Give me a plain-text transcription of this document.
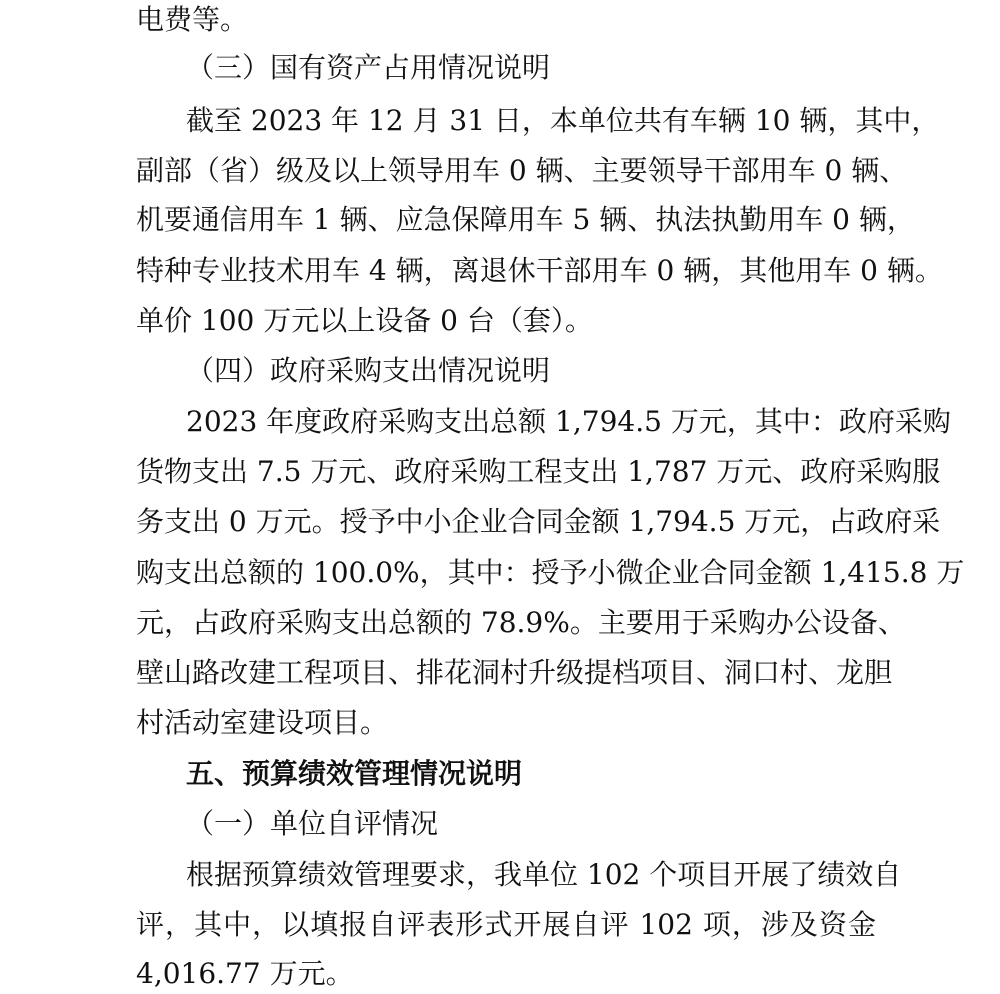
电费等。
（三）国有资产占用情况说明
截至 2023 年 12 月 31 日，本单位共有车辆 10 辆，其中，
副部（省）级及以上领导用车 0 辆、主要领导干部用车 0 辆、
机要通信用车 1 辆、应急保障用车 5 辆、执法执勤用车 0 辆，
特种专业技术用车 4 辆，离退休干部用车 0 辆，其他用车 0 辆。
单价 100 万元以上设备 0 台（套）。
（四）政府采购支出情况说明
2023 年度政府采购支出总额 1,794.5 万元，其中：政府采购
货物支出 7.5 万元、政府采购工程支出 1,787 万元、政府采购服
务支出 0 万元。授予中小企业合同金额 1,794.5 万元，占政府采
购支出总额的 100.0%，其中：授予小微企业合同金额 1,415.8 万
元，占政府采购支出总额的 78.9%。主要用于采购办公设备、
壁山路改建工程项目、排花洞村升级提档项目、洞口村、龙胆
村活动室建设项目。
五、预算绩效管理情况说明
（一）单位自评情况
根据预算绩效管理要求，我单位 102 个项目开展了绩效自
评，其中，以填报自评表形式开展自评 102 项，涉及资金
4,016.77 万元。
